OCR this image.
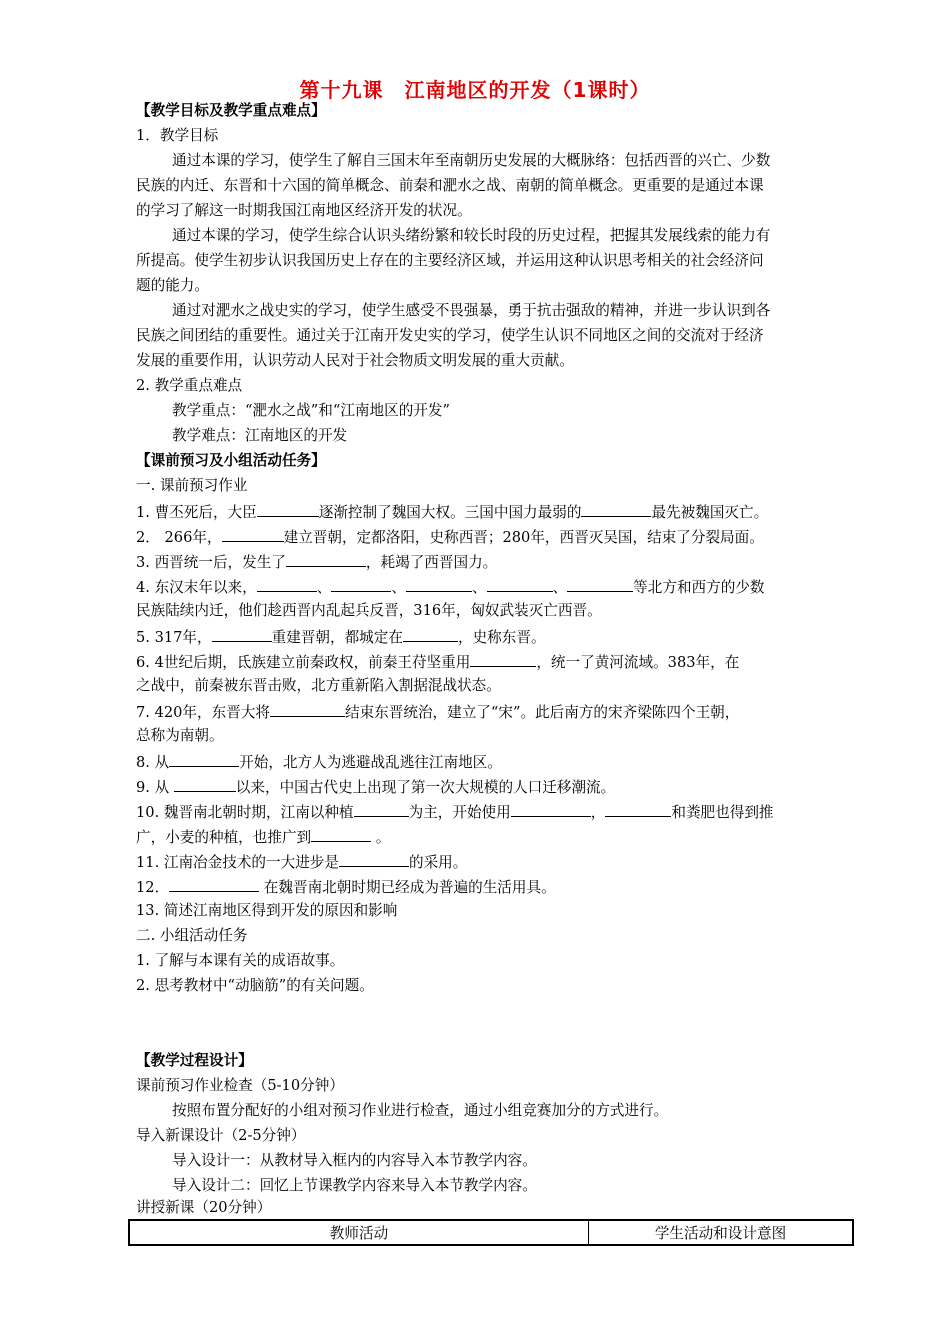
第十九课　江南地区的开发（1课时）
【教学目标及教学重点难点】
1．教学目标
通过本课的学习，使学生了解自三国末年至南朝历史发展的大概脉络：包括西晋的兴亡、少数
民族的内迁、东晋和十六国的简单概念、前秦和淝水之战、南朝的简单概念。更重要的是通过本课
的学习了解这一时期我国江南地区经济开发的状况。
通过本课的学习，使学生综合认识头绪纷繁和较长时段的历史过程，把握其发展线索的能力有
所提高。使学生初步认识我国历史上存在的主要经济区域，并运用这种认识思考相关的社会经济问
题的能力。
通过对淝水之战史实的学习，使学生感受不畏强暴，勇于抗击强敌的精神，并进一步认识到各
民族之间团结的重要性。通过关于江南开发史实的学习，使学生认识不同地区之间的交流对于经济
发展的重要作用，认识劳动人民对于社会物质文明发展的重大贡献。
2. 教学重点难点
教学重点：“淝水之战”和“江南地区的开发”
教学难点：江南地区的开发
【课前预习及小组活动任务】
一. 课前预习作业
1. 曹丕死后，大臣	逐渐控制了魏国大权。三国中国力最弱的	最先被魏国灭亡。
2． 266年，	建立晋朝，定都洛阳，史称西晋；280年，西晋灭吴国，结束了分裂局面。
3. 西晋统一后，发生了	，耗竭了西晋国力。
4. 东汉末年以来，	、	、	、	、	等北方和西方的少数
民族陆续内迁，他们趁西晋内乱起兵反晋，316年，匈奴武装灭亡西晋。
5. 317年，	重建晋朝，都城定在	，史称东晋。
6. 4世纪后期，氐族建立前秦政权，前秦王苻坚重用	，统一了黄河流域。383年，在
之战中，前秦被东晋击败，北方重新陷入割据混战状态。
7. 420年，东晋大将	结束东晋统治，建立了“宋”。此后南方的宋齐梁陈四个王朝，
总称为南朝。
8. 从	开始，北方人为逃避战乱逃往江南地区。
9. 从	以来，中国古代史上出现了第一次大规模的人口迁移潮流。
10. 魏晋南北朝时期，江南以种植	为主，开始使用	，	和粪肥也得到推
广，小麦的种植，也推广到	。
11. 江南冶金技术的一大进步是	的采用。
12．	在魏晋南北朝时期已经成为普遍的生活用具。
13. 简述江南地区得到开发的原因和影响
二. 小组活动任务
1. 了解与本课有关的成语故事。
2. 思考教材中“动脑筋”的有关问题。
【教学过程设计】
课前预习作业检查（5-10分钟）
按照布置分配好的小组对预习作业进行检查，通过小组竞赛加分的方式进行。
导入新课设计（2-5分钟）
导入设计一：从教材导入框内的内容导入本节教学内容。
导入设计二：回忆上节课教学内容来导入本节教学内容。
讲授新课（20分钟）
教师活动	学生活动和设计意图
